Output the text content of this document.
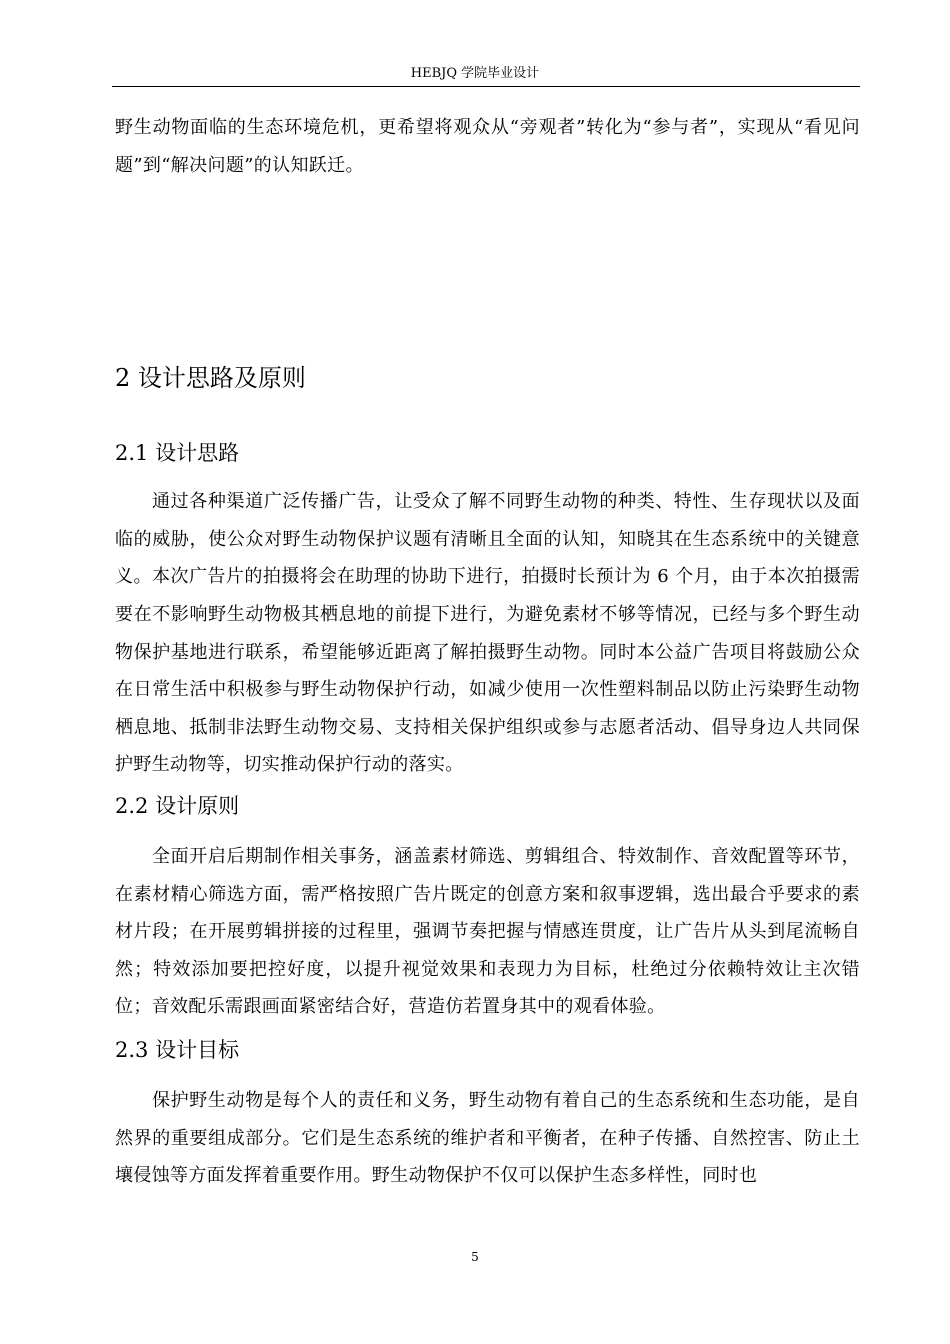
HEBJQ 学院毕业设计

野生动物面临的生态环境危机，更希望将观众从“旁观者”转化为“参与者”，实现从“看见问题”到“解决问题”的认知跃迁。

2 设计思路及原则
2.1 设计思路

通过各种渠道广泛传播广告，让受众了解不同野生动物的种类、特性、生存现状以及面临的威胁，使公众对野生动物保护议题有清晰且全面的认知，知晓其在生态系统中的关键意义。本次广告片的拍摄将会在助理的协助下进行，拍摄时长预计为 6 个月，由于本次拍摄需要在不影响野生动物极其栖息地的前提下进行，为避免素材不够等情况，已经与多个野生动物保护基地进行联系，希望能够近距离了解拍摄野生动物。同时本公益广告项目将鼓励公众在日常生活中积极参与野生动物保护行动，如减少使用一次性塑料制品以防止污染野生动物栖息地、抵制非法野生动物交易、支持相关保护组织或参与志愿者活动、倡导身边人共同保护野生动物等，切实推动保护行动的落实。

2.2 设计原则

全面开启后期制作相关事务，涵盖素材筛选、剪辑组合、特效制作、音效配置等环节，在素材精心筛选方面，需严格按照广告片既定的创意方案和叙事逻辑，选出最合乎要求的素材片段；在开展剪辑拼接的过程里，强调节奏把握与情感连贯度，让广告片从头到尾流畅自然；特效添加要把控好度，以提升视觉效果和表现力为目标，杜绝过分依赖特效让主次错位；音效配乐需跟画面紧密结合好，营造仿若置身其中的观看体验。

2.3 设计目标

保护野生动物是每个人的责任和义务，野生动物有着自己的生态系统和生态功能，是自然界的重要组成部分。它们是生态系统的维护者和平衡者，在种子传播、自然控害、防止土壤侵蚀等方面发挥着重要作用。野生动物保护不仅可以保护生态多样性，同时也

5
